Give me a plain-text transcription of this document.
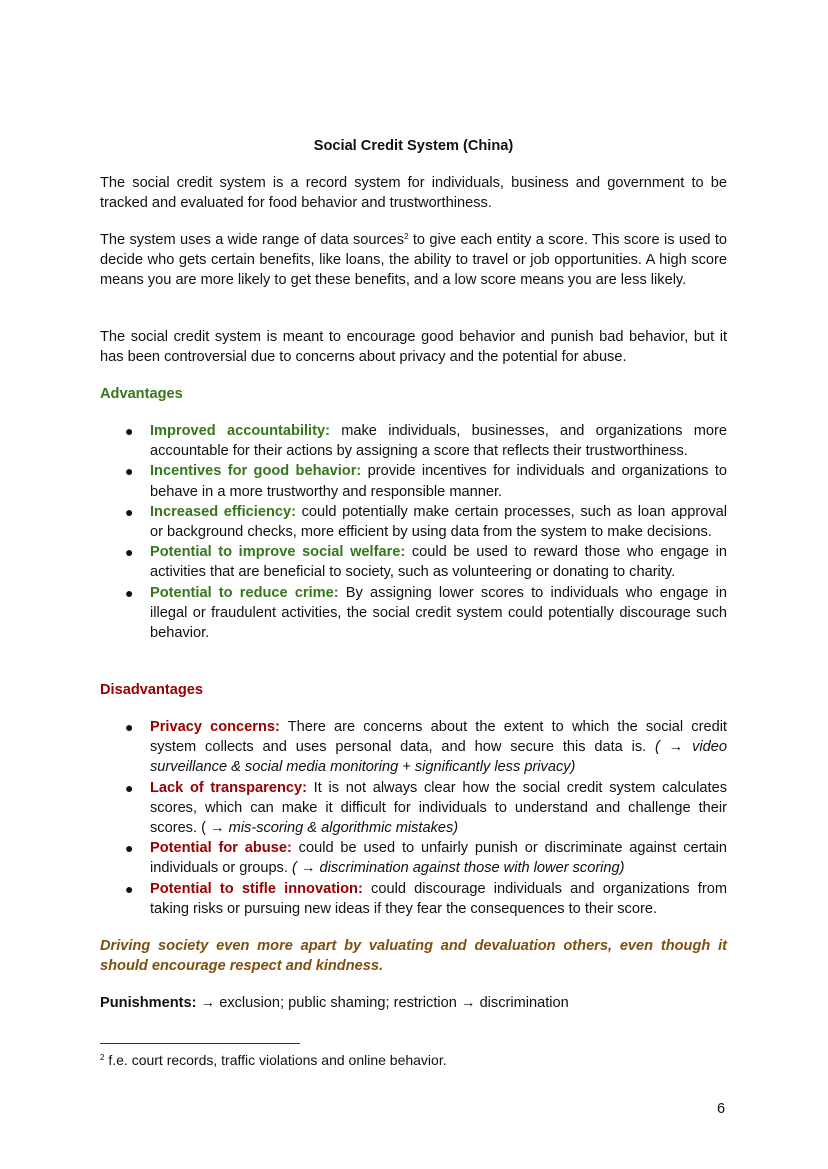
Social Credit System (China)

The social credit system is a record system for individuals, business and government to be tracked and evaluated for food behavior and trustworthiness.

The system uses a wide range of data sources$^2$ to give each entity a score. This score is used to decide who gets certain benefits, like loans, the ability to travel or job opportunities. A high score means you are more likely to get these benefits, and a low score means you are less likely.

The social credit system is meant to encourage good behavior and punish bad behavior, but it has been controversial due to concerns about privacy and the potential for abuse.

Advantages
● Improved accountability: make individuals, businesses, and organizations more accountable for their actions by assigning a score that reflects their trustworthiness.
● Incentives for good behavior: provide incentives for individuals and organizations to behave in a more trustworthy and responsible manner.
● Increased efficiency: could potentially make certain processes, such as loan approval or background checks, more efficient by using data from the system to make decisions.
● Potential to improve social welfare: could be used to reward those who engage in activities that are beneficial to society, such as volunteering or donating to charity.
● Potential to reduce crime: By assigning lower scores to individuals who engage in illegal or fraudulent activities, the social credit system could potentially discourage such behavior.
Disadvantages
● Privacy concerns: There are concerns about the extent to which the social credit system collects and uses personal data, and how secure this data is. ( → video surveillance & social media monitoring + significantly less privacy)
● Lack of transparency: It is not always clear how the social credit system calculates scores, which can make it difficult for individuals to understand and challenge their scores. ( → mis-scoring & algorithmic mistakes)
● Potential for abuse: could be used to unfairly punish or discriminate against certain individuals or groups. ( → discrimination against those with lower scoring)
● Potential to stifle innovation: could discourage individuals and organizations from taking risks or pursuing new ideas if they fear the consequences to their score.

Driving society even more apart by valuating and devaluation others, even though it should encourage respect and kindness.

Punishments: → exclusion; public shaming; restriction → discrimination

$^2$ f.e. court records, traffic violations and online behavior.

6
